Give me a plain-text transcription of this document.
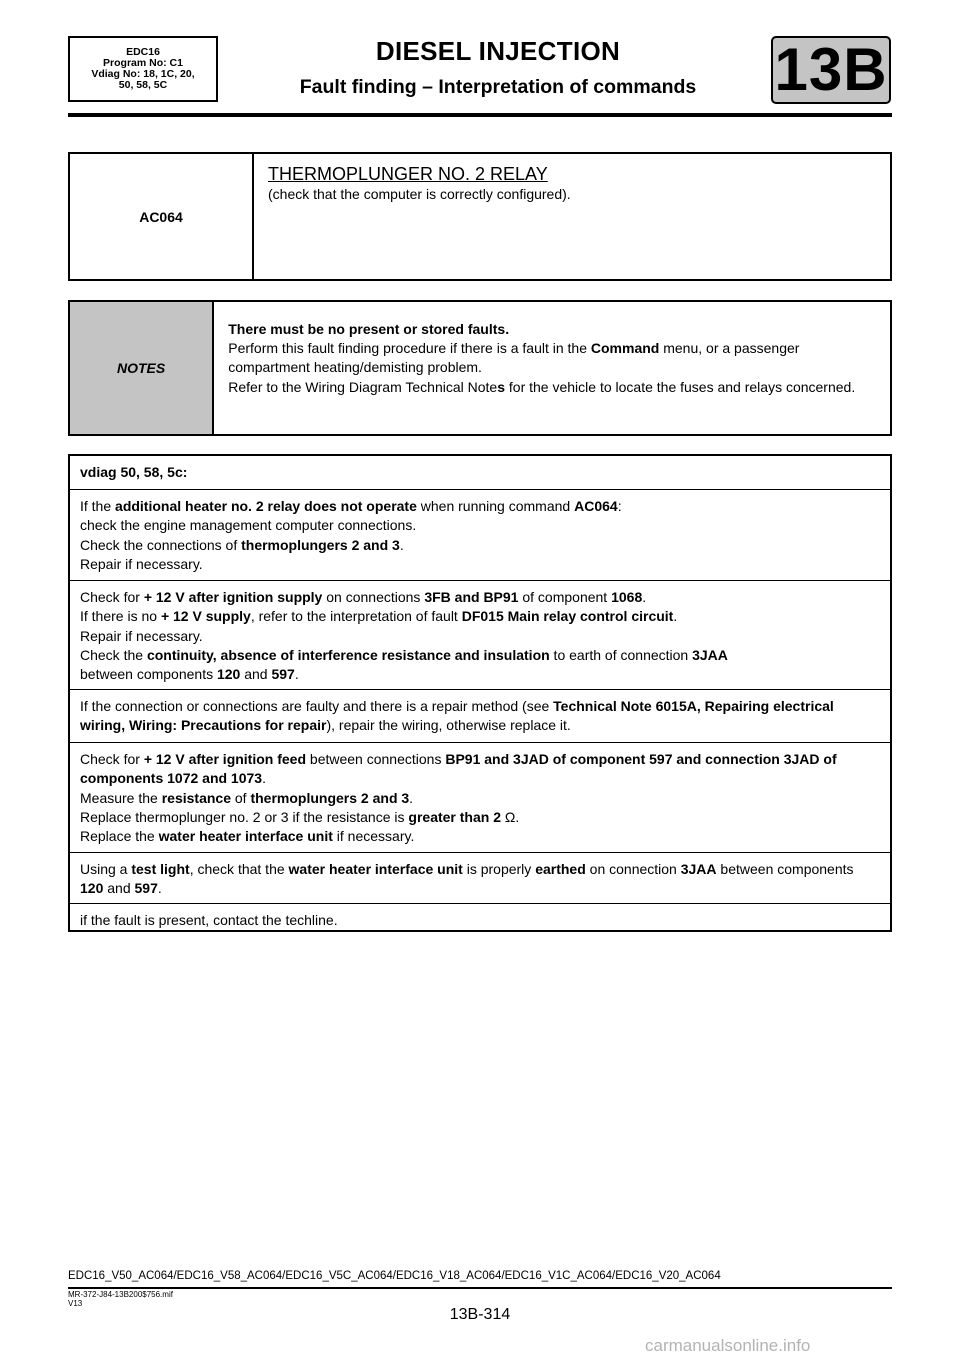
EDC16
Program No: C1
Vdiag No: 18, 1C, 20,
50, 58, 5C
DIESEL INJECTION
Fault finding – Interpretation of commands	13B
AC064
THERMOPLUNGER NO. 2 RELAY
(check that the computer is correctly configured).
NOTES
There must be no present or stored faults.
Perform this fault finding procedure if there is a fault in the Command menu, or a passenger compartment heating/demisting problem.
Refer to the Wiring Diagram Technical Notes for the vehicle to locate the fuses and relays concerned.
vdiag 50, 58, 5c:
If the additional heater no. 2 relay does not operate when running command AC064:
check the engine management computer connections.
Check the connections of thermoplungers 2 and 3.
Repair if necessary.
Check for + 12 V after ignition supply on connections 3FB and BP91 of component 1068.
If there is no + 12 V supply, refer to the interpretation of fault DF015 Main relay control circuit.
Repair if necessary.
Check the continuity, absence of interference resistance and insulation to earth of connection 3JAA
between components 120 and 597.
If the connection or connections are faulty and there is a repair method (see Technical Note 6015A, Repairing electrical wiring, Wiring: Precautions for repair), repair the wiring, otherwise replace it.
Check for + 12 V after ignition feed between connections BP91 and 3JAD of component 597 and connection 3JAD of components 1072 and 1073.
Measure the resistance of thermoplungers 2 and 3.
Replace thermoplunger no. 2 or 3 if the resistance is greater than 2 Ω.
Replace the water heater interface unit if necessary.
Using a test light, check that the water heater interface unit is properly earthed on connection 3JAA between components 120 and 597.
if the fault is present, contact the techline.
EDC16_V50_AC064/EDC16_V58_AC064/EDC16_V5C_AC064/EDC16_V18_AC064/EDC16_V1C_AC064/EDC16_V20_AC064
MR-372-J84-13B200$756.mif
V13
13B-314
carmanualsonline.info
